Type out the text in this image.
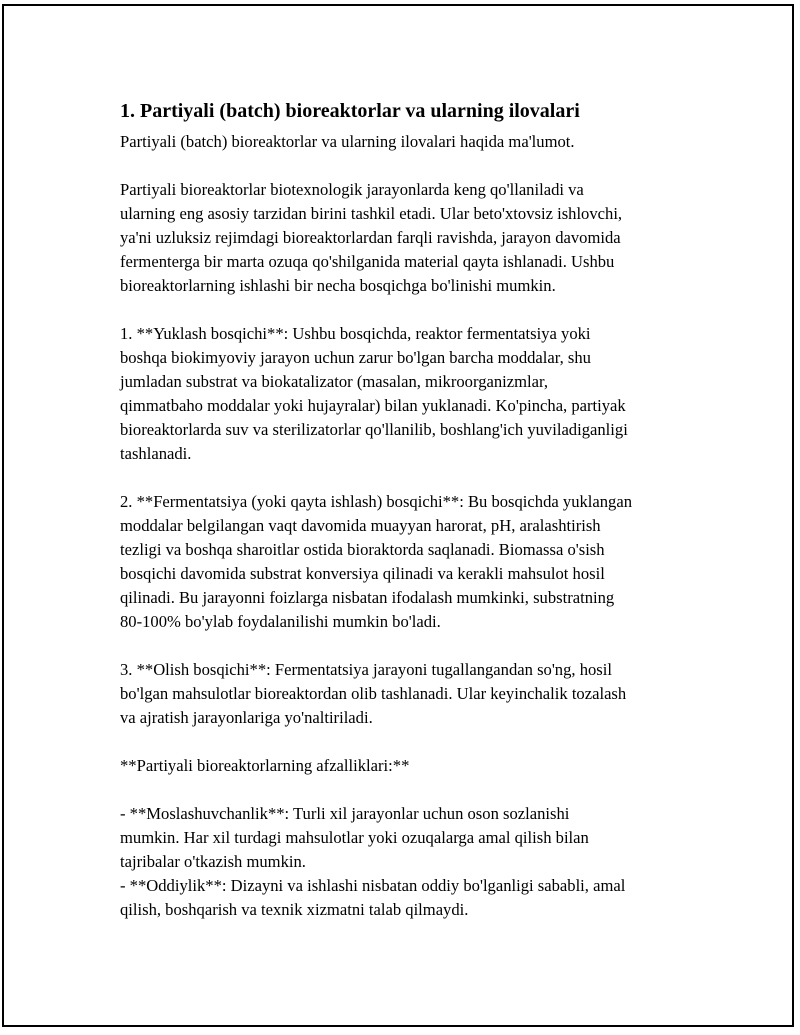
1. Partiyali (batch) bioreaktorlar va ularning ilovalari
Partiyali (batch) bioreaktorlar va ularning ilovalari haqida ma'lumot.
Partiyali bioreaktorlar biotexnologik jarayonlarda keng qo'llaniladi va
ularning eng asosiy tarzidan birini tashkil etadi. Ular beto'xtovsiz ishlovchi,
ya'ni uzluksiz rejimdagi bioreaktorlardan farqli ravishda, jarayon davomida
fermenterga bir marta ozuqa qo'shilganida material qayta ishlanadi. Ushbu
bioreaktorlarning ishlashi bir necha bosqichga bo'linishi mumkin.
1. **Yuklash bosqichi**: Ushbu bosqichda, reaktor fermentatsiya yoki
boshqa biokimyoviy jarayon uchun zarur bo'lgan barcha moddalar, shu
jumladan substrat va biokatalizator (masalan, mikroorganizmlar,
qimmatbaho moddalar yoki hujayralar) bilan yuklanadi. Ko'pincha, partiyak
bioreaktorlarda suv va sterilizatorlar qo'llanilib, boshlang'ich yuviladiganligi
tashlanadi.
2. **Fermentatsiya (yoki qayta ishlash) bosqichi**: Bu bosqichda yuklangan
moddalar belgilangan vaqt davomida muayyan harorat, pH, aralashtirish
tezligi va boshqa sharoitlar ostida bioraktorda saqlanadi. Biomassa o'sish
bosqichi davomida substrat konversiya qilinadi va kerakli mahsulot hosil
qilinadi. Bu jarayonni foizlarga nisbatan ifodalash mumkinki, substratning
80-100% bo'ylab foydalanilishi mumkin bo'ladi.
3. **Olish bosqichi**: Fermentatsiya jarayoni tugallangandan so'ng, hosil
bo'lgan mahsulotlar bioreaktordan olib tashlanadi. Ular keyinchalik tozalash
va ajratish jarayonlariga yo'naltiriladi.
**Partiyali bioreaktorlarning afzalliklari:**
- **Moslashuvchanlik**: Turli xil jarayonlar uchun oson sozlanishi
mumkin. Har xil turdagi mahsulotlar yoki ozuqalarga amal qilish bilan
tajribalar o'tkazish mumkin.
- **Oddiylik**: Dizayni va ishlashi nisbatan oddiy bo'lganligi sababli, amal
qilish, boshqarish va texnik xizmatni talab qilmaydi.
